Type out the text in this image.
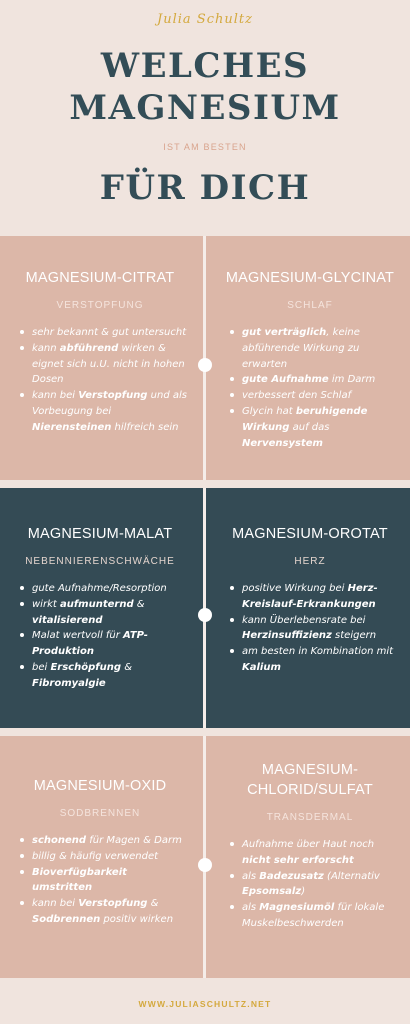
Julia Schultz
WELCHES
MAGNESIUM
IST AM BESTEN
FÜR DICH
MAGNESIUM-CITRAT
VERSTOPFUNG
sehr bekannt & gut untersucht
kann abführend wirken & eignet sich u.U. nicht in hohen Dosen
kann bei Verstopfung und als Vorbeugung bei Nierensteinen hilfreich sein
MAGNESIUM-GLYCINAT
SCHLAF
gut verträglich, keine abführende Wirkung zu erwarten
gute Aufnahme im Darm
verbessert den Schlaf
Glycin hat beruhigende Wirkung auf das Nervensystem
MAGNESIUM-MALAT
NEBENNIERENSCHWÄCHE
gute Aufnahme/Resorption
wirkt aufmunternd & vitalisierend
Malat wertvoll für ATP-Produktion
bei Erschöpfung & Fibromyalgie
MAGNESIUM-OROTAT
HERZ
positive Wirkung bei Herz-Kreislauf-Erkrankungen
kann Überlebensrate bei Herzinsuffizienz steigern
am besten in Kombination mit Kalium
MAGNESIUM-OXID
SODBRENNEN
schonend für Magen & Darm
billig & häufig verwendet
Bioverfügbarkeit umstritten
kann bei Verstopfung & Sodbrennen positiv wirken
MAGNESIUM-
CHLORID/SULFAT
TRANSDERMAL
Aufnahme über Haut noch nicht sehr erforscht
als Badezusatz (Alternativ Epsomsalz)
als Magnesiumöl für lokale Muskelbeschwerden
WWW.JULIASCHULTZ.NET
